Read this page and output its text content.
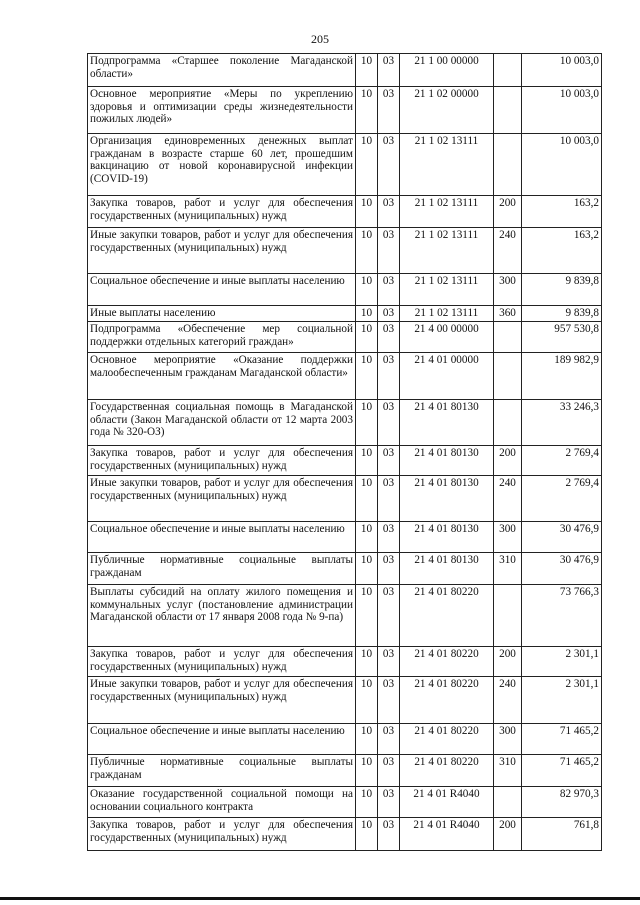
205
Подпрограмма «Старшее поколение Магаданской области»	10	03	21 1 00 00000		10 003,0
Основное мероприятие «Меры по укреплению здоровья и оптимизации среды жизнедеятельности пожилых людей»	10	03	21 1 02 00000		10 003,0
Организация единовременных денежных выплат гражданам в возрасте старше 60 лет, прошедшим вакцинацию от новой коронавирусной инфекции (COVID-19)	10	03	21 1 02 13111		10 003,0
Закупка товаров, работ и услуг для обеспечения государственных (муниципальных) нужд	10	03	21 1 02 13111	200	163,2
Иные закупки товаров, работ и услуг для обеспечения государственных (муниципальных) нужд	10	03	21 1 02 13111	240	163,2
Социальное обеспечение и иные выплаты населению	10	03	21 1 02 13111	300	9 839,8
Иные выплаты населению	10	03	21 1 02 13111	360	9 839,8
Подпрограмма «Обеспечение мер социальной поддержки отдельных категорий граждан»	10	03	21 4 00 00000		957 530,8
Основное мероприятие «Оказание поддержки малообеспеченным гражданам Магаданской области»	10	03	21 4 01 00000		189 982,9
Государственная социальная помощь в Магаданской области (Закон Магаданской области от 12 марта 2003 года № 320-ОЗ)	10	03	21 4 01 80130		33 246,3
Закупка товаров, работ и услуг для обеспечения государственных (муниципальных) нужд	10	03	21 4 01 80130	200	2 769,4
Иные закупки товаров, работ и услуг для обеспечения государственных (муниципальных) нужд	10	03	21 4 01 80130	240	2 769,4
Социальное обеспечение и иные выплаты населению	10	03	21 4 01 80130	300	30 476,9
Публичные нормативные социальные выплаты гражданам	10	03	21 4 01 80130	310	30 476,9
Выплаты субсидий на оплату жилого помещения и коммунальных услуг (постановление администрации Магаданской области от 17 января 2008 года № 9-па)	10	03	21 4 01 80220		73 766,3
Закупка товаров, работ и услуг для обеспечения государственных (муниципальных) нужд	10	03	21 4 01 80220	200	2 301,1
Иные закупки товаров, работ и услуг для обеспечения государственных (муниципальных) нужд	10	03	21 4 01 80220	240	2 301,1
Социальное обеспечение и иные выплаты населению	10	03	21 4 01 80220	300	71 465,2
Публичные нормативные социальные выплаты гражданам	10	03	21 4 01 80220	310	71 465,2
Оказание государственной социальной помощи на основании социального контракта	10	03	21 4 01 R4040		82 970,3
Закупка товаров, работ и услуг для обеспечения государственных (муниципальных) нужд	10	03	21 4 01 R4040	200	761,8
